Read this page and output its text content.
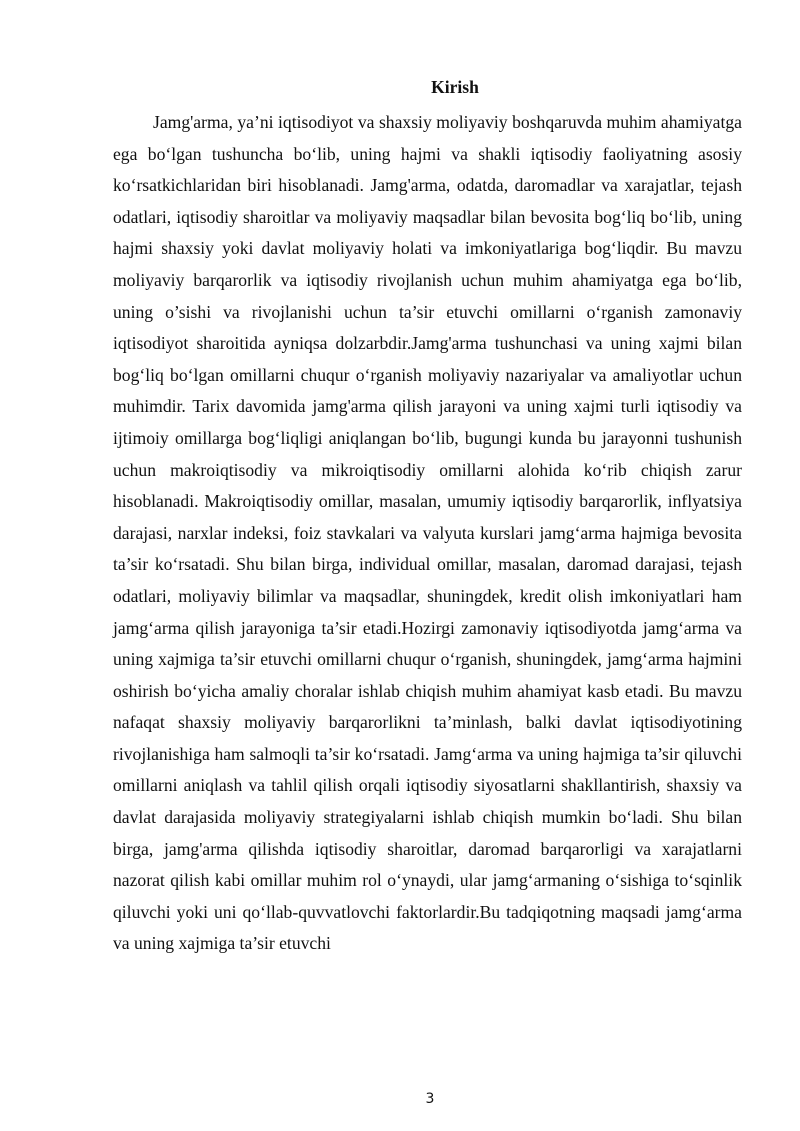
Kirish

Jamg'arma, ya’ni iqtisodiyot va shaxsiy moliyaviy boshqaruvda muhim ahamiyatga ega bo‘lgan tushuncha bo‘lib, uning hajmi va shakli iqtisodiy faoliyatning asosiy ko‘rsatkichlaridan biri hisoblanadi. Jamg'arma, odatda, daromadlar va xarajatlar, tejash odatlari, iqtisodiy sharoitlar va moliyaviy maqsadlar bilan bevosita bog‘liq bo‘lib, uning hajmi shaxsiy yoki davlat moliyaviy holati va imkoniyatlariga bog‘liqdir. Bu mavzu moliyaviy barqarorlik va iqtisodiy rivojlanish uchun muhim ahamiyatga ega bo‘lib, uning o’sishi va rivojlanishi uchun ta’sir etuvchi omillarni o‘rganish zamonaviy iqtisodiyot sharoitida ayniqsa dolzarbdir.Jamg'arma tushunchasi va uning xajmi bilan bog‘liq bo‘lgan omillarni chuqur o‘rganish moliyaviy nazariyalar va amaliyotlar uchun muhimdir. Tarix davomida jamg'arma qilish jarayoni va uning xajmi turli iqtisodiy va ijtimoiy omillarga bog‘liqligi aniqlangan bo‘lib, bugungi kunda bu jarayonni tushunish uchun makroiqtisodiy va mikroiqtisodiy omillarni alohida ko‘rib chiqish zarur hisoblanadi. Makroiqtisodiy omillar, masalan, umumiy iqtisodiy barqarorlik, inflyatsiya darajasi, narxlar indeksi, foiz stavkalari va valyuta kurslari jamg‘arma hajmiga bevosita ta’sir ko‘rsatadi. Shu bilan birga, individual omillar, masalan, daromad darajasi, tejash odatlari, moliyaviy bilimlar va maqsadlar, shuningdek, kredit olish imkoniyatlari ham jamg‘arma qilish jarayoniga ta’sir etadi.Hozirgi zamonaviy iqtisodiyotda jamg‘arma va uning xajmiga ta’sir etuvchi omillarni chuqur o‘rganish, shuningdek, jamg‘arma hajmini oshirish bo‘yicha amaliy choralar ishlab chiqish muhim ahamiyat kasb etadi. Bu mavzu nafaqat shaxsiy moliyaviy barqarorlikni ta’minlash, balki davlat iqtisodiyotining rivojlanishiga ham salmoqli ta’sir ko‘rsatadi. Jamg‘arma va uning hajmiga ta’sir qiluvchi omillarni aniqlash va tahlil qilish orqali iqtisodiy siyosatlarni shakllantirish, shaxsiy va davlat darajasida moliyaviy strategiyalarni ishlab chiqish mumkin bo‘ladi. Shu bilan birga, jamg'arma qilishda iqtisodiy sharoitlar, daromad barqarorligi va xarajatlarni nazorat qilish kabi omillar muhim rol o‘ynaydi, ular jamg‘armaning o‘sishiga to‘sqinlik qiluvchi yoki uni qo‘llab-quvvatlovchi faktorlardir.Bu tadqiqotning maqsadi jamg‘arma va uning xajmiga ta’sir etuvchi

3
